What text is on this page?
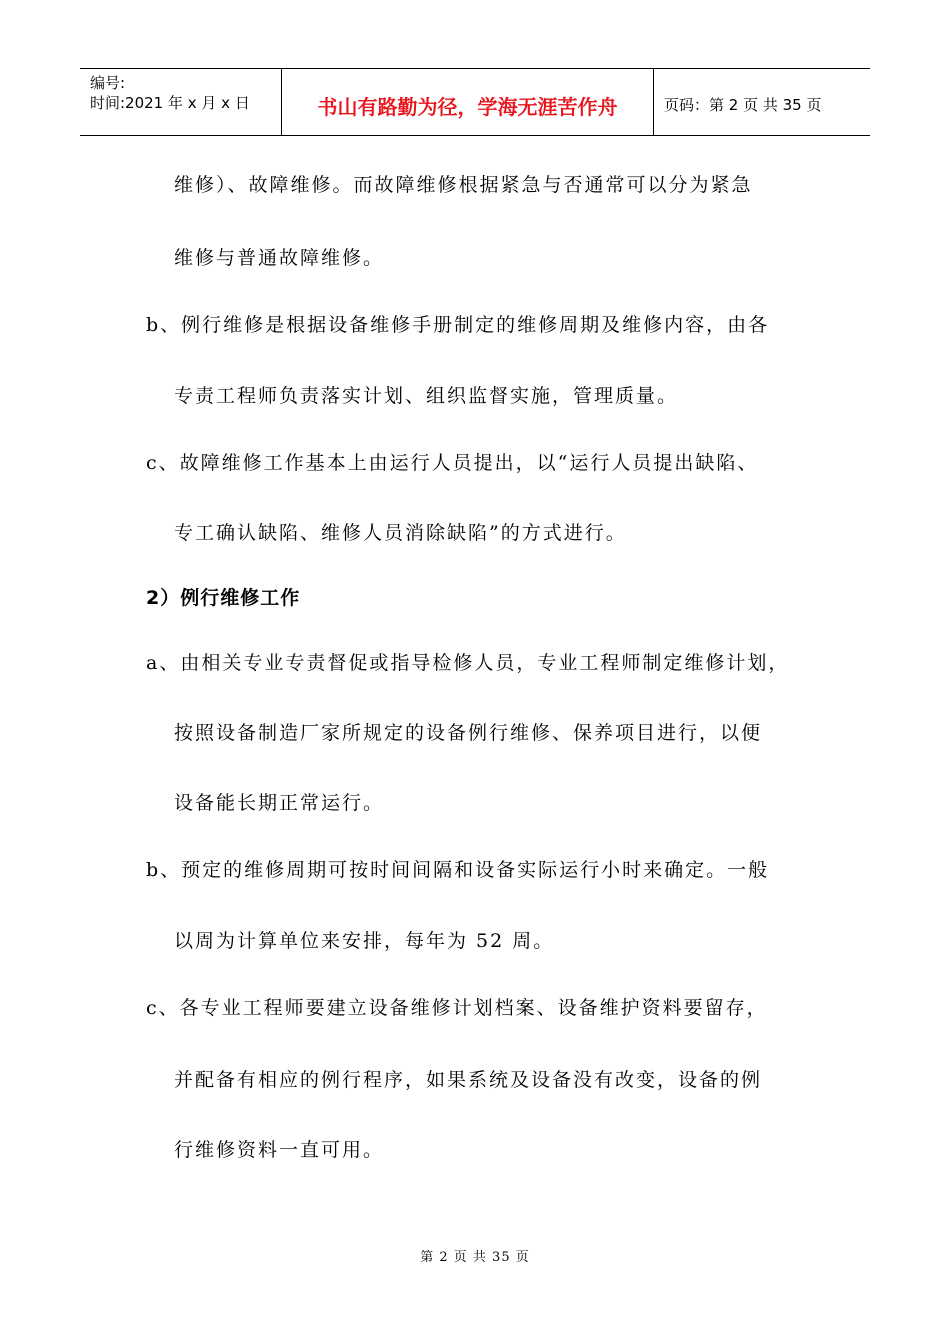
编号:
时间:2021 年 x 月 x 日	书山有路勤为径，学海无涯苦作舟	页码：第 2 页 共 35 页
维修）、故障维修。而故障维修根据紧急与否通常可以分为紧急
维修与普通故障维修。
b、例行维修是根据设备维修手册制定的维修周期及维修内容，由各
专责工程师负责落实计划、组织监督实施，管理质量。
c、故障维修工作基本上由运行人员提出，以“运行人员提出缺陷、
专工确认缺陷、维修人员消除缺陷”的方式进行。
2）例行维修工作
a、由相关专业专责督促或指导检修人员，专业工程师制定维修计划，
按照设备制造厂家所规定的设备例行维修、保养项目进行，以便
设备能长期正常运行。
b、预定的维修周期可按时间间隔和设备实际运行小时来确定。一般
以周为计算单位来安排，每年为 52 周。
c、各专业工程师要建立设备维修计划档案、设备维护资料要留存，
并配备有相应的例行程序，如果系统及设备没有改变，设备的例
行维修资料一直可用。
第 2 页 共 35 页
